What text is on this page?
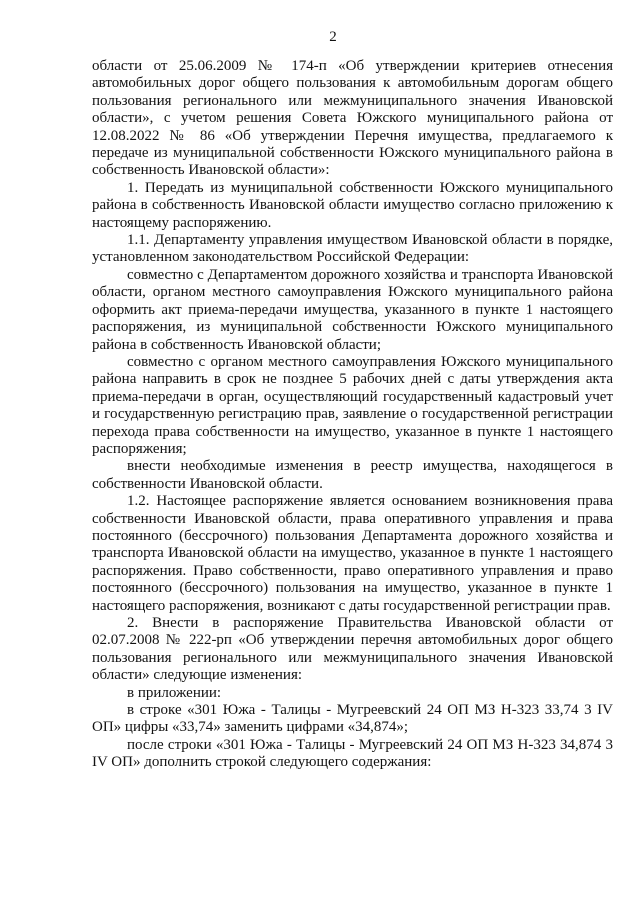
2

области от 25.06.2009 № 174-п «Об утверждении критериев отнесения автомобильных дорог общего пользования к автомобильным дорогам общего пользования регионального или межмуниципального значения Ивановской области», с учетом решения Совета Южского муниципального района от 12.08.2022 № 86 «Об утверждении Перечня имущества, предлагаемого к передаче из муниципальной собственности Южского муниципального района в собственность Ивановской области»:

1. Передать из муниципальной собственности Южского муниципального района в собственность Ивановской области имущество согласно приложению к настоящему распоряжению.

1.1. Департаменту управления имуществом Ивановской области в порядке, установленном законодательством Российской Федерации:

совместно с Департаментом дорожного хозяйства и транспорта Ивановской области, органом местного самоуправления Южского муниципального района оформить акт приема-передачи имущества, указанного в пункте 1 настоящего распоряжения, из муниципальной собственности Южского муниципального района в собственность Ивановской области;

совместно с органом местного самоуправления Южского муниципального района направить в срок не позднее 5 рабочих дней с даты утверждения акта приема-передачи в орган, осуществляющий государственный кадастровый учет и государственную регистрацию прав, заявление о государственной регистрации перехода права собственности на имущество, указанное в пункте 1 настоящего распоряжения;

внести необходимые изменения в реестр имущества, находящегося в собственности Ивановской области.

1.2. Настоящее распоряжение является основанием возникновения права собственности Ивановской области, права оперативного управления и права постоянного (бессрочного) пользования Департамента дорожного хозяйства и транспорта Ивановской области на имущество, указанное в пункте 1 настоящего распоряжения. Право собственности, право оперативного управления и право постоянного (бессрочного) пользования на имущество, указанное в пункте 1 настоящего распоряжения, возникают с даты государственной регистрации прав.

2. Внести в распоряжение Правительства Ивановской области от 02.07.2008 № 222-рп «Об утверждении перечня автомобильных дорог общего пользования регионального или межмуниципального значения Ивановской области» следующие изменения:

в приложении:

в строке «301 Южа - Талицы - Мугреевский 24 ОП МЗ Н-323 33,74 3 IV ОП» цифры «33,74» заменить цифрами «34,874»;

после строки «301 Южа - Талицы - Мугреевский 24 ОП МЗ Н-323 34,874 3 IV ОП» дополнить строкой следующего содержания:
